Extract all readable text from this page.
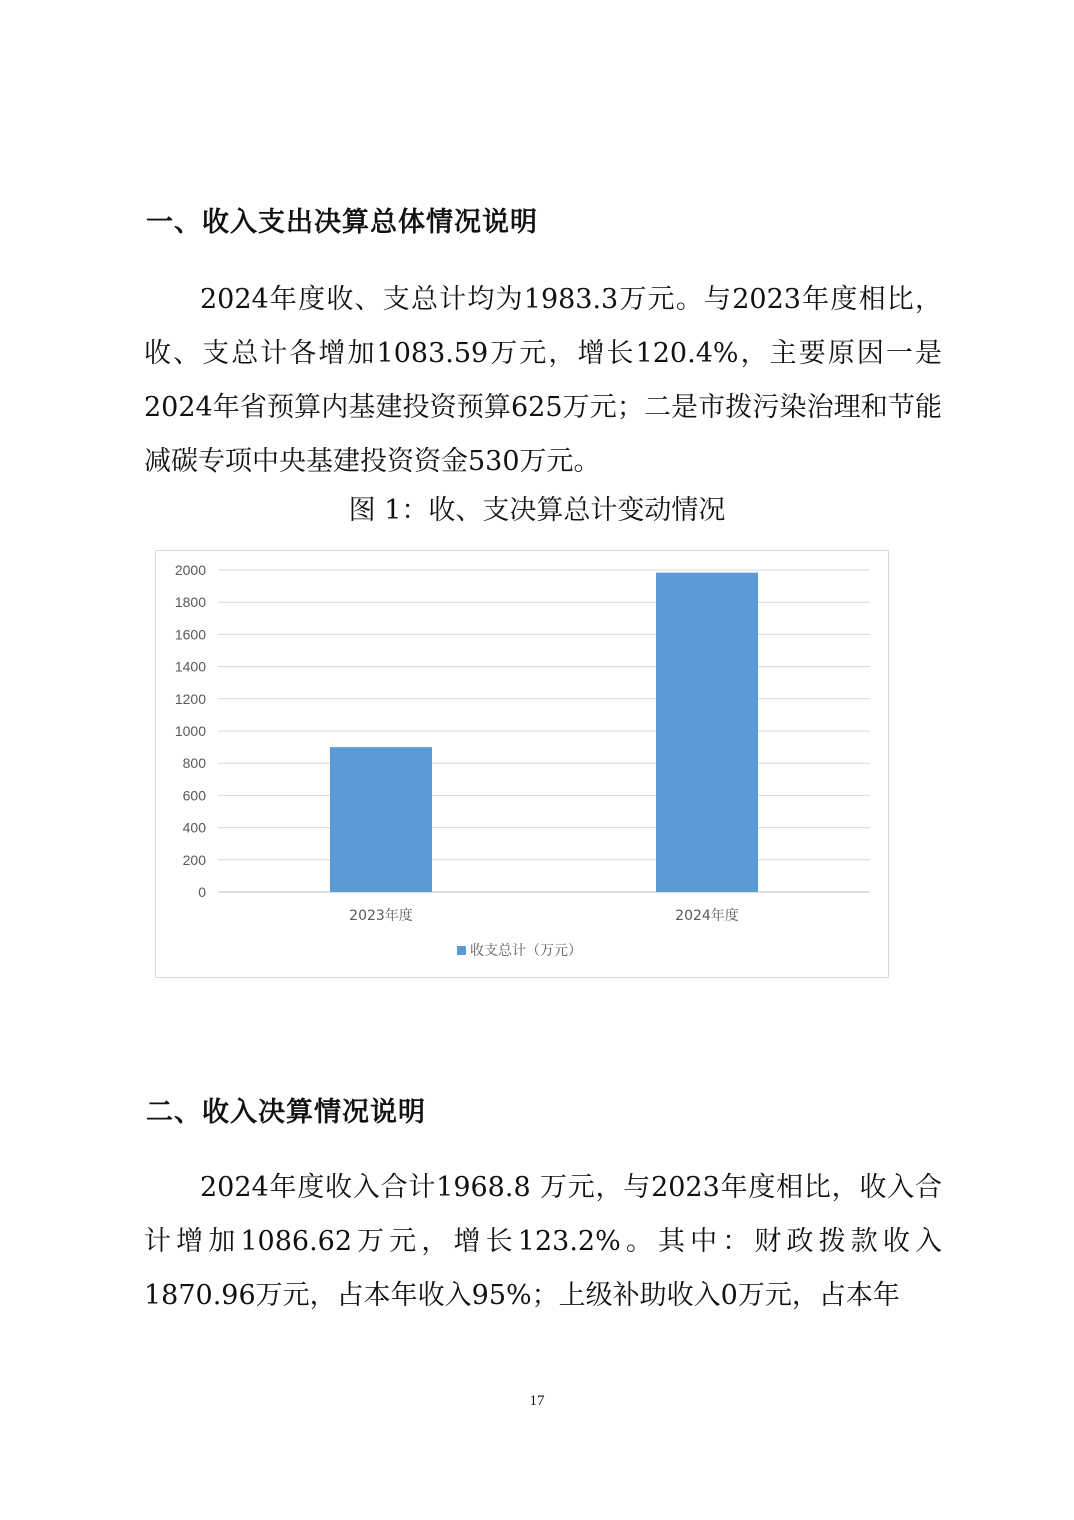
一、收入支出决算总体情况说明

2024年度收、支总计均为1983.3万元。与2023年度相比，收、支总计各增加1083.59万元，增长120.4%，主要原因一是2024年省预算内基建投资预算625万元；二是市拨污染治理和节能减碳专项中央基建投资资金530万元。

图 1：收、支决算总计变动情况
0
200
400
600
800
1000
1200
1400
1600
1800
2000
2023年度	2024年度
收支总计（万元）
二、收入决算情况说明

2024年度收入合计1968.8 万元，与2023年度相比，收入合计增加1086.62万元，增长123.2%。其中：财政拨款收入1870.96万元，占本年收入95%；上级补助收入0万元，占本年

17
